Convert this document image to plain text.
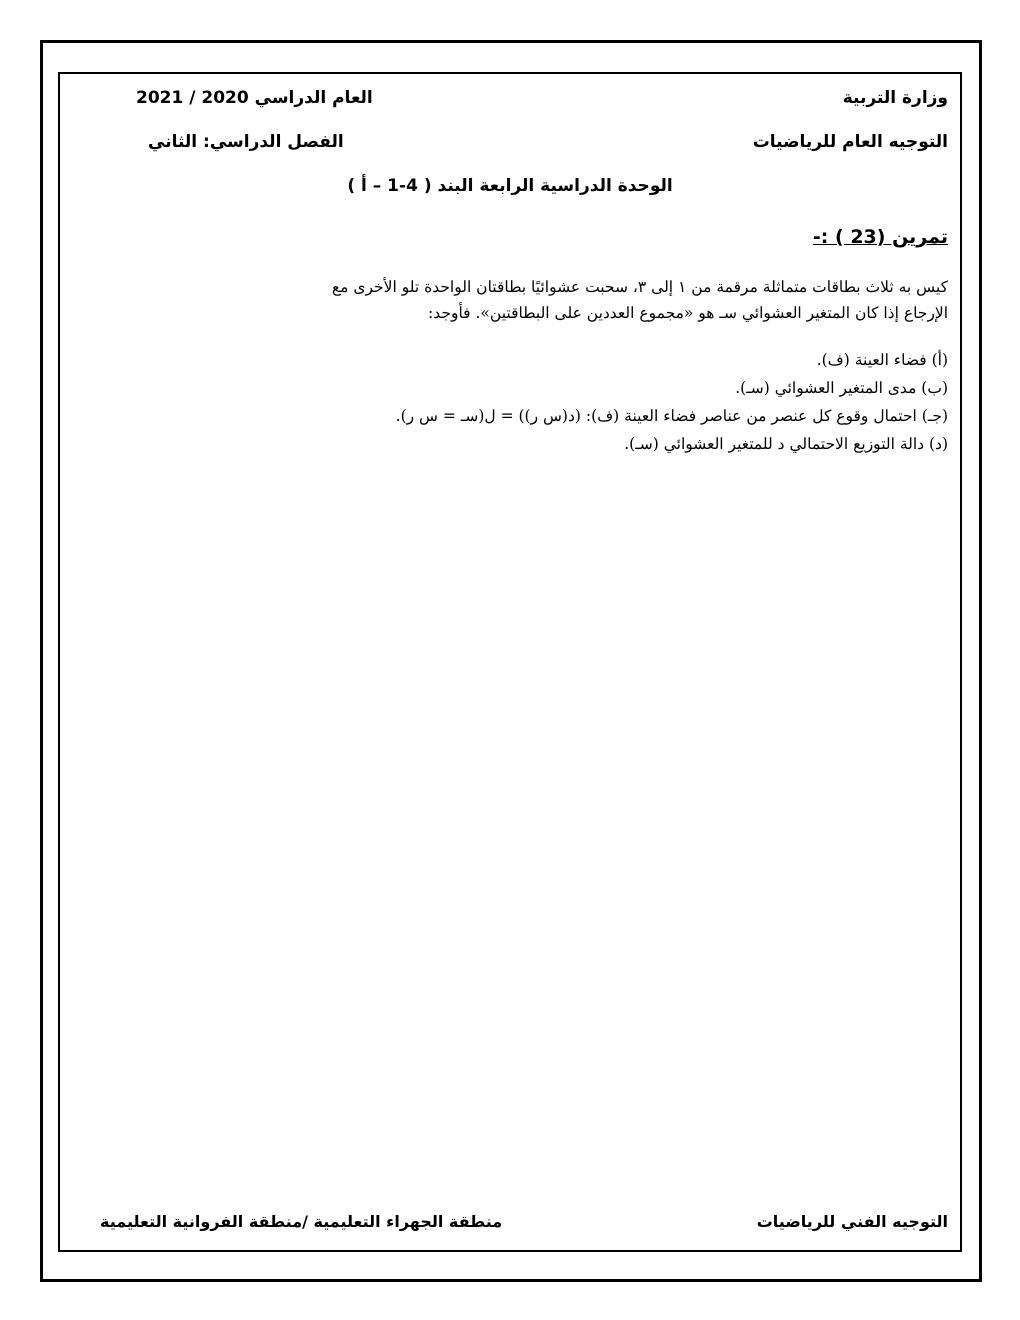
وزارة التربية
العام الدراسي 2020 / 2021
التوجيه العام للرياضيات
الفصل الدراسي: الثاني
الوحدة الدراسية الرابعة البند ( 4-1 – أ )
تمرين (23 ) :-
كيس به ثلاث بطاقات متماثلة مرقمة من ١ إلى ٣، سحبت عشوائيًا بطاقتان الواحدة تلو الأخرى مع
الإرجاع إذا كان المتغير العشوائي سـ هو «مجموع العددين على البطاقتين». فأوجد:
(أ) فضاء العينة (ف).
(ب) مدى المتغير العشوائي (سـ).
(جـ) احتمال وقوع كل عنصر من عناصر فضاء العينة (ف): (د(س ر)) = ل(سـ = س ر).
(د) دالة التوزيع الاحتمالي د للمتغير العشوائي (سـ).
التوجيه الفني للرياضيات
منطقة الجهراء التعليمية /منطقة الفروانية التعليمية
